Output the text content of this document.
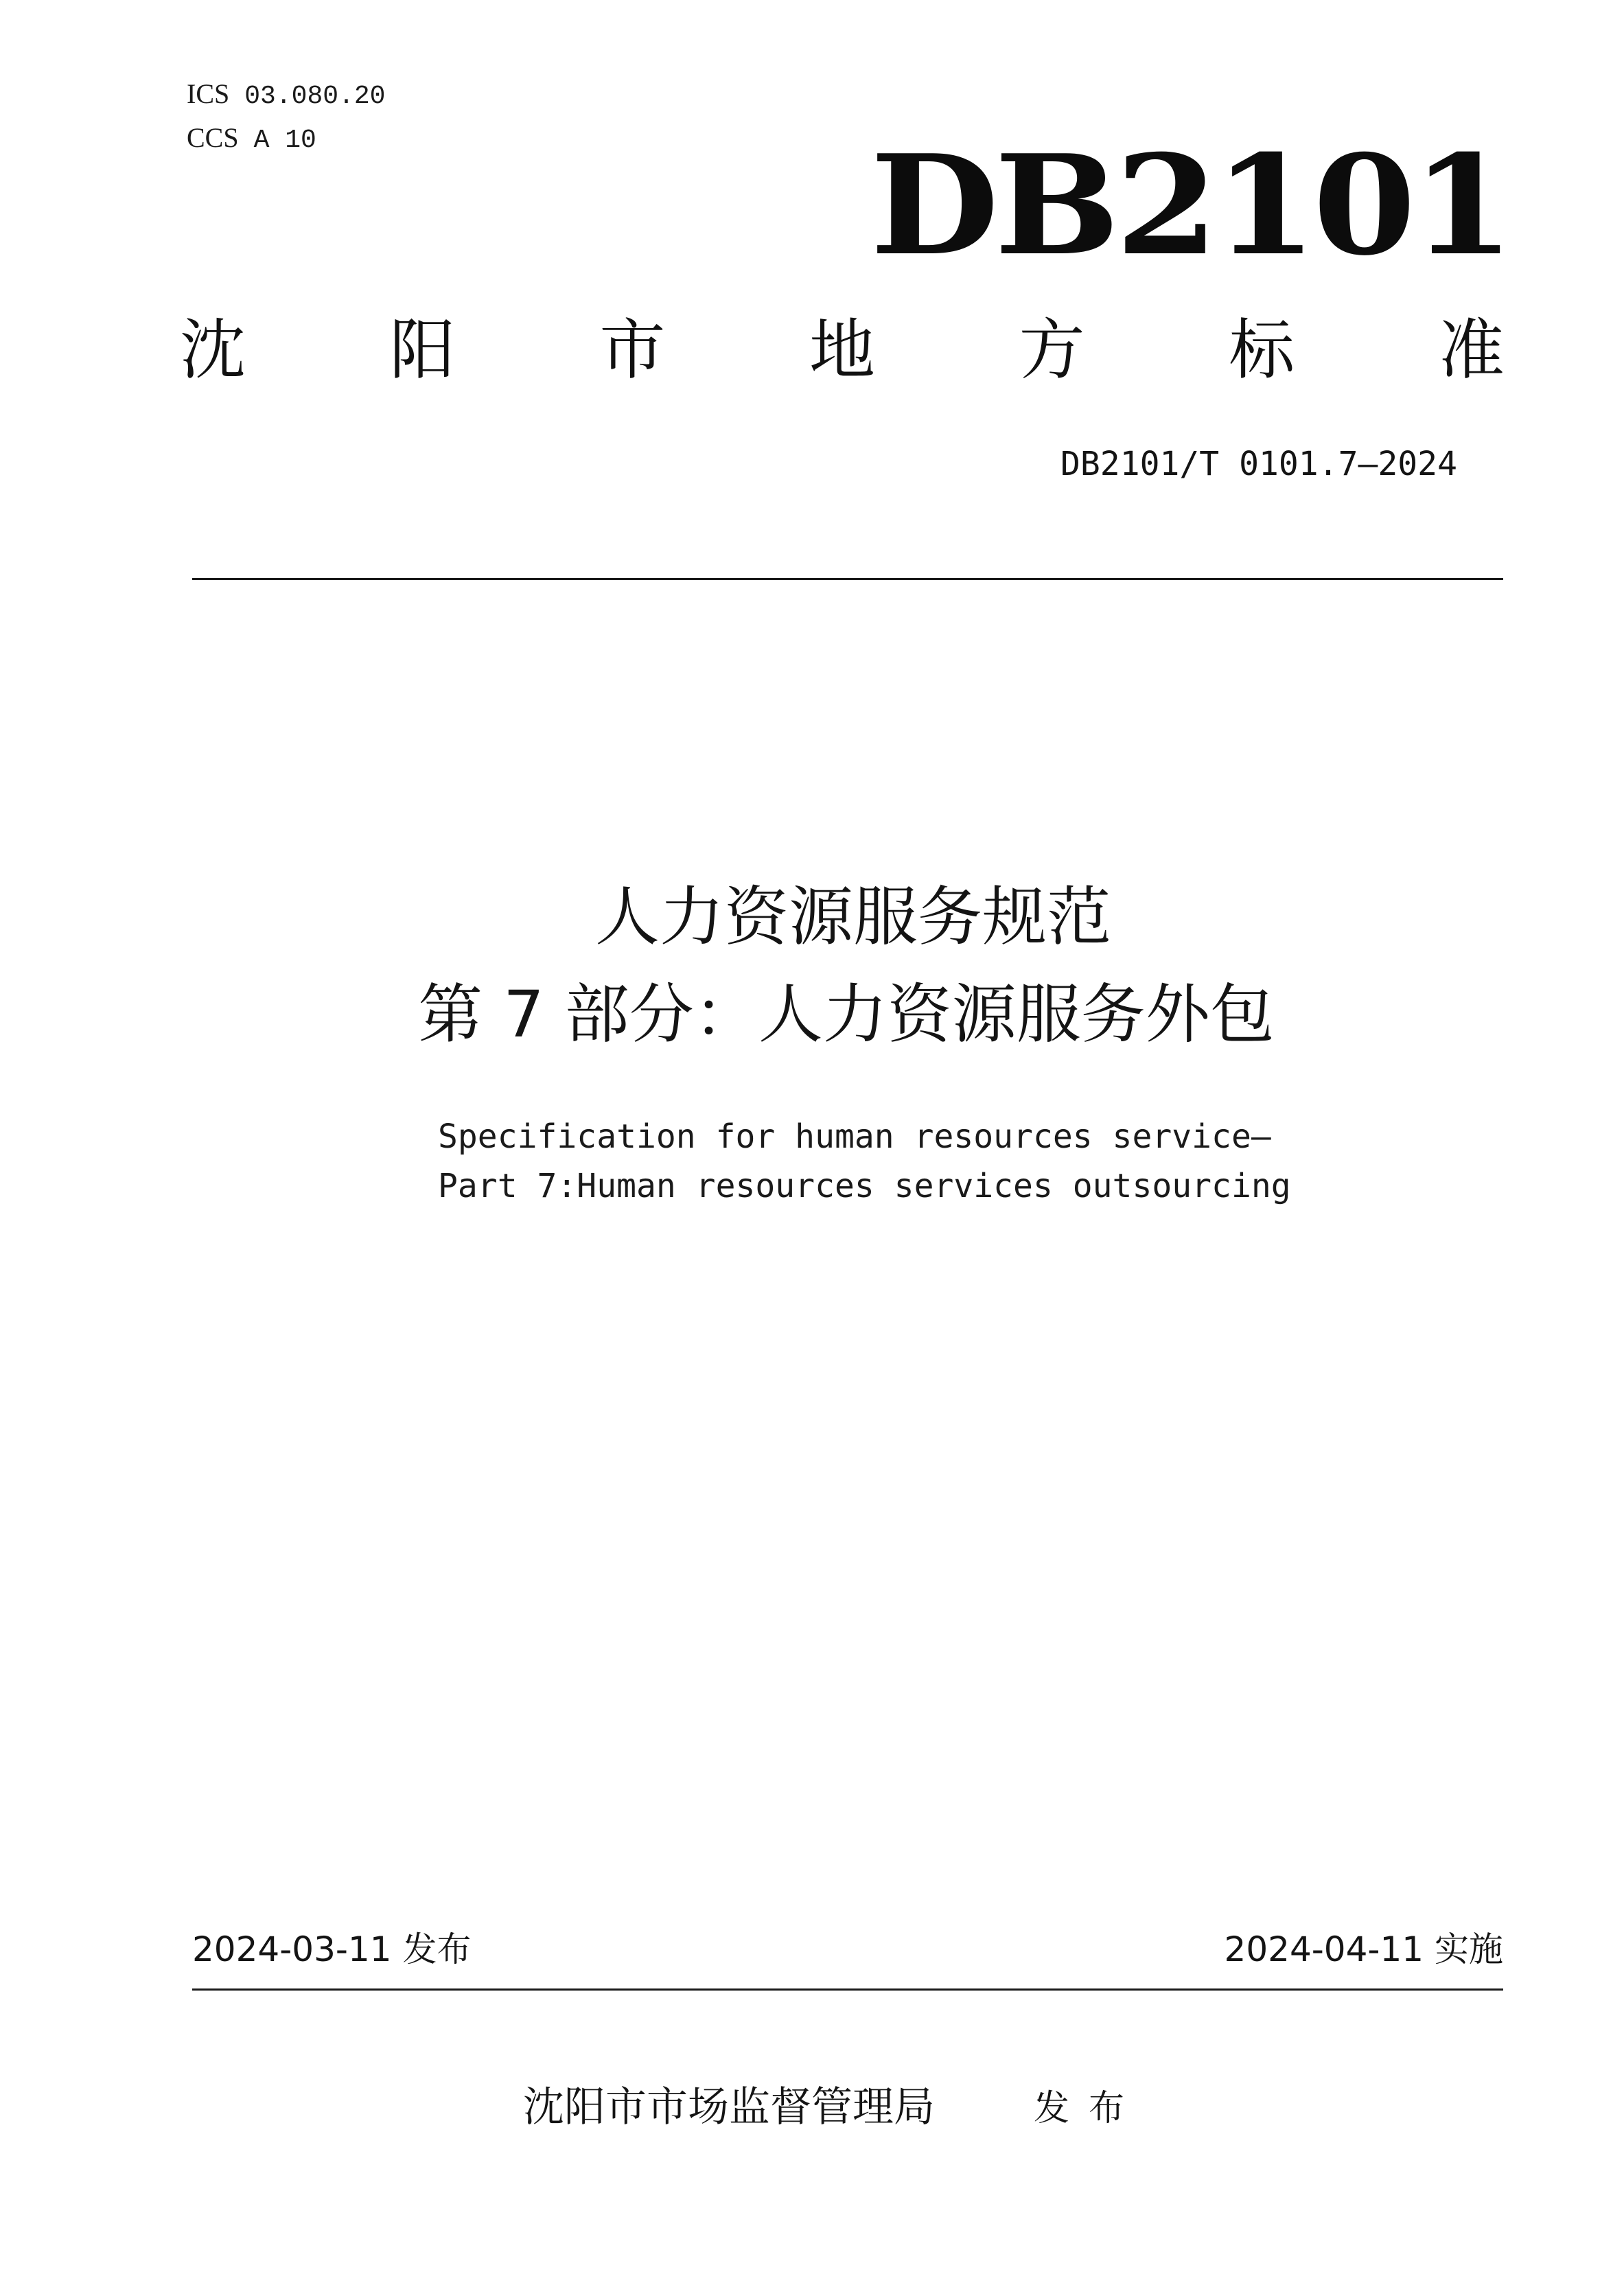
ICS 03.080.20
CCS A 10	DB2101
沈 阳 市 地 方 标 准
DB2101/T 0101.7—2024
人力资源服务规范
第 7 部分：人力资源服务外包
Specification for human resources service—
Part 7:Human resources services outsourcing
2024-03-11 发布	2024-04-11 实施
沈阳市市场监督管理局	发布
